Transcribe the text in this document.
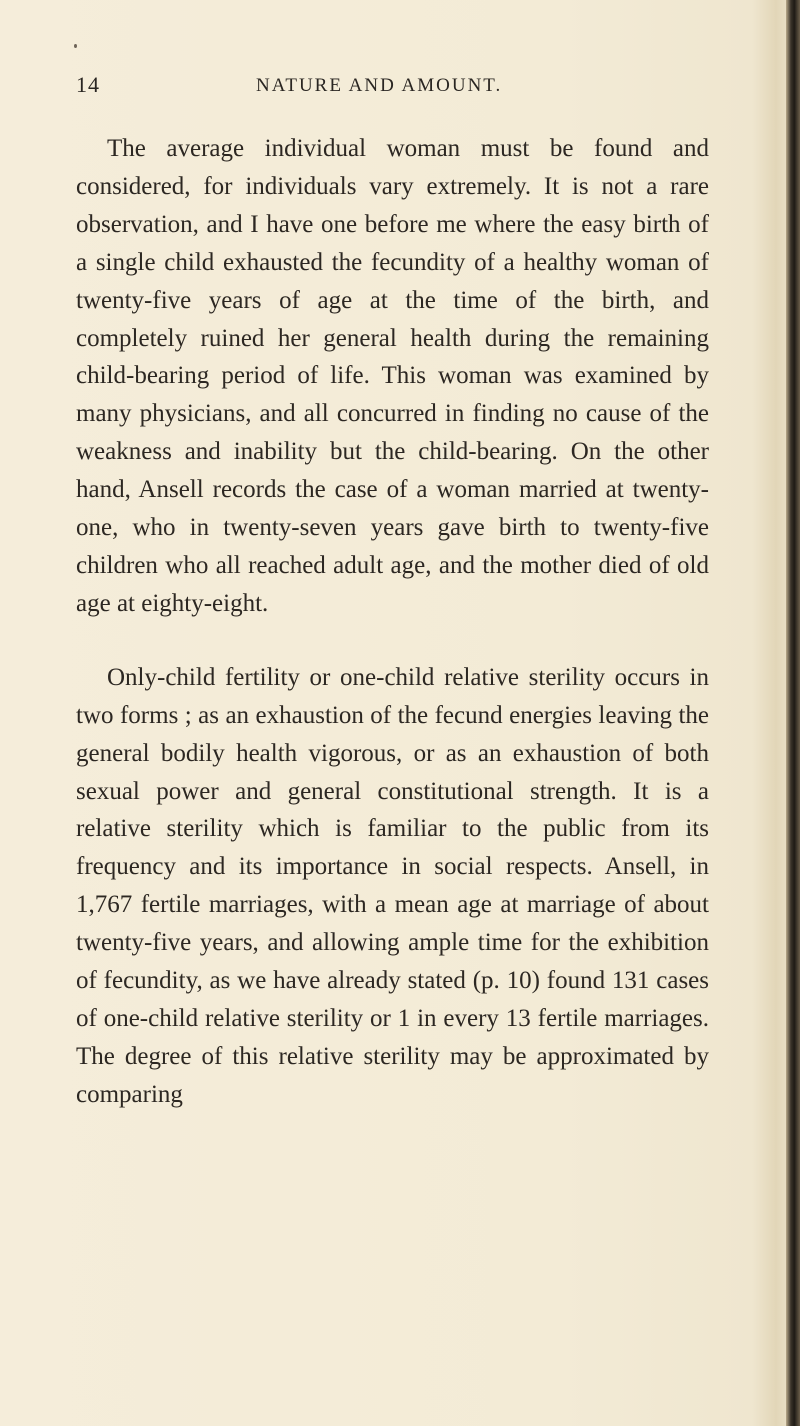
14	NATURE AND AMOUNT.

The average individual woman must be found and considered, for individuals vary extremely. It is not a rare observation, and I have one before me where the easy birth of a single child exhausted the fecundity of a healthy woman of twenty-five years of age at the time of the birth, and completely ruined her general health during the remaining child-bearing period of life. This woman was examined by many physicians, and all concurred in finding no cause of the weakness and inability but the child-bearing. On the other hand, Ansell records the case of a woman married at twenty-one, who in twenty-seven years gave birth to twenty-five children who all reached adult age, and the mother died of old age at eighty-eight.

Only-child fertility or one-child relative sterility occurs in two forms ; as an exhaustion of the fecund energies leaving the general bodily health vigorous, or as an exhaustion of both sexual power and general constitutional strength. It is a relative sterility which is familiar to the public from its frequency and its importance in social respects. Ansell, in 1,767 fertile marriages, with a mean age at marriage of about twenty-five years, and allowing ample time for the exhibition of fecundity, as we have already stated (p. 10) found 131 cases of one-child relative sterility or 1 in every 13 fertile marriages. The degree of this relative sterility may be approximated by comparing
